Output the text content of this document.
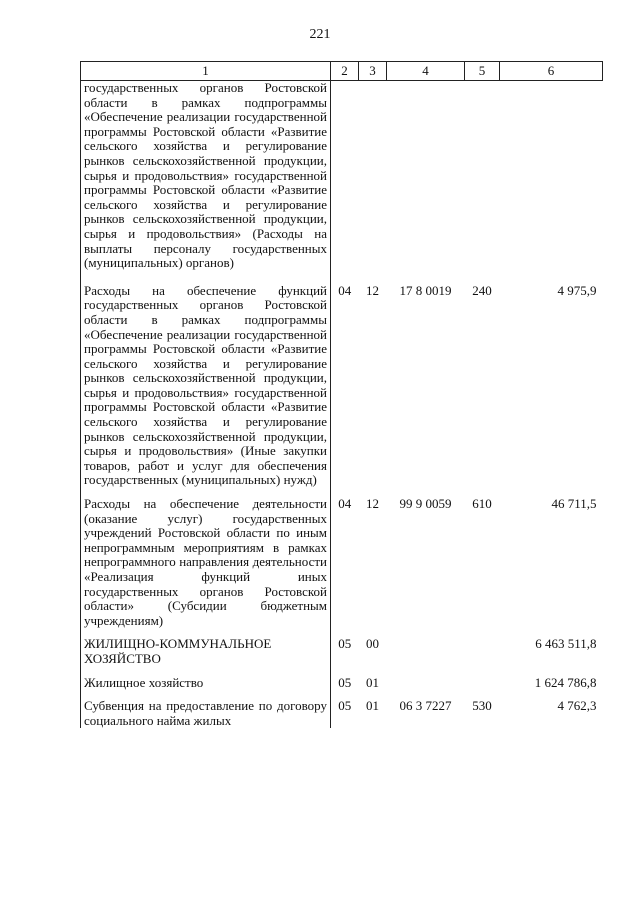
221
1	2	3	4	5	6
государственных органов Ростовской области в рамках подпрограммы «Обеспечение реализации государственной программы Ростовской области «Развитие сельского хозяйства и регулирование рынков сельскохозяйственной продукции, сырья и продовольствия» государственной программы Ростовской области «Развитие сельского хозяйства и регулирование рынков сельскохозяйственной продукции, сырья и продовольствия» (Расходы на выплаты персоналу государственных (муниципальных) органов)					
Расходы на обеспечение функций государственных органов Ростовской области в рамках подпрограммы «Обеспечение реализации государственной программы Ростовской области «Развитие сельского хозяйства и регулирование рынков сельскохозяйственной продукции, сырья и продовольствия» государственной программы Ростовской области «Развитие сельского хозяйства и регулирование рынков сельскохозяйственной продукции, сырья и продовольствия» (Иные закупки товаров, работ и услуг для обеспечения государственных (муниципальных) нужд)	04	12	17 8 0019	240	4 975,9
Расходы на обеспечение деятельности (оказание услуг) государственных учреждений Ростовской области по иным непрограммным мероприятиям в рамках непрограммного направления деятельности «Реализация функций иных государственных органов Ростовской области» (Субсидии бюджетным учреждениям)	04	12	99 9 0059	610	46 711,5
ЖИЛИЩНО-КОММУНАЛЬНОЕ ХОЗЯЙСТВО	05	00			6 463 511,8
Жилищное хозяйство	05	01			1 624 786,8
Субвенция на предоставление по договору социального найма жилых	05	01	06 3 7227	530	4 762,3
